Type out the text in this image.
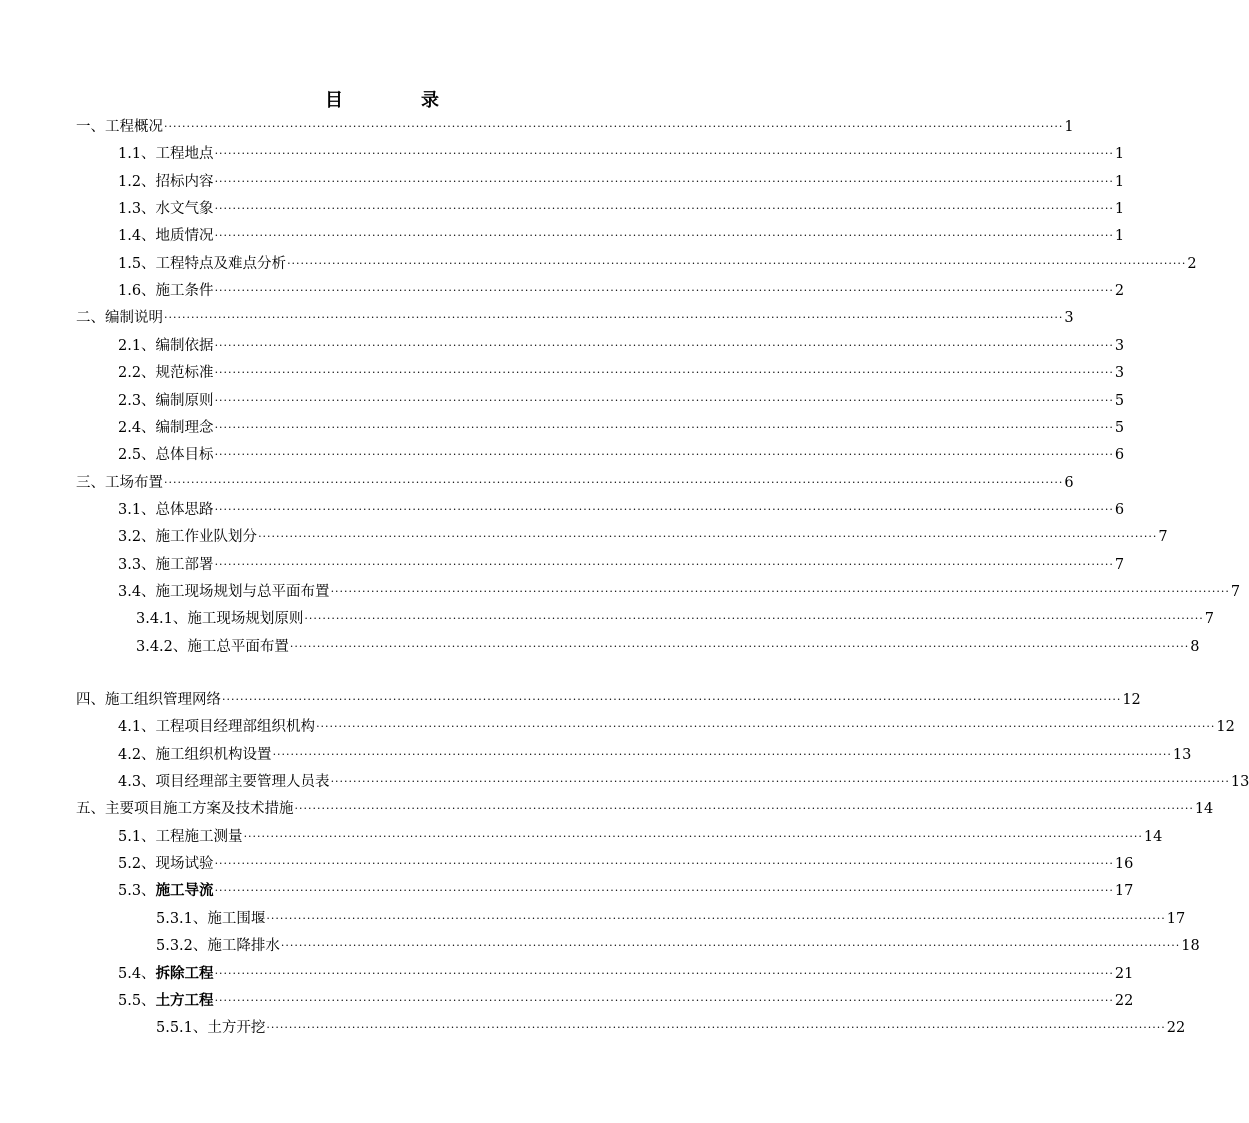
目　录
一、工程概况 ········································································································································································································ 1
1.1、工程地点 ········································································································································································································ 1
1.2、招标内容 ········································································································································································································ 1
1.3、水文气象 ········································································································································································································ 1
1.4、地质情况 ········································································································································································································ 1
1.5、工程特点及难点分析 ········································································································································································································ 2
1.6、施工条件 ········································································································································································································ 2
二、编制说明 ········································································································································································································ 3
2.1、编制依据 ········································································································································································································ 3
2.2、规范标准 ········································································································································································································ 3
2.3、编制原则 ········································································································································································································ 5
2.4、编制理念 ········································································································································································································ 5
2.5、总体目标 ········································································································································································································ 6
三、工场布置 ········································································································································································································ 6
3.1、总体思路 ········································································································································································································ 6
3.2、施工作业队划分 ········································································································································································································ 7
3.3、施工部署 ········································································································································································································ 7
3.4、施工现场规划与总平面布置 ········································································································································································································ 7
3.4.1、施工现场规划原则 ········································································································································································································ 7
3.4.2、施工总平面布置 ········································································································································································································ 8
四、施工组织管理网络 ········································································································································································································ 12
4.1、工程项目经理部组织机构 ········································································································································································································ 12
4.2、施工组织机构设置 ········································································································································································································ 13
4.3、项目经理部主要管理人员表 ········································································································································································································ 13
五、主要项目施工方案及技术措施 ········································································································································································································ 14
5.1、工程施工测量 ········································································································································································································ 14
5.2、现场试验 ········································································································································································································ 16
5.3、施工导流 ········································································································································································································ 17
5.3.1、施工围堰 ········································································································································································································ 17
5.3.2、施工降排水 ········································································································································································································ 18
5.4、拆除工程 ········································································································································································································ 21
5.5、土方工程 ········································································································································································································ 22
5.5.1、土方开挖 ········································································································································································································ 22
